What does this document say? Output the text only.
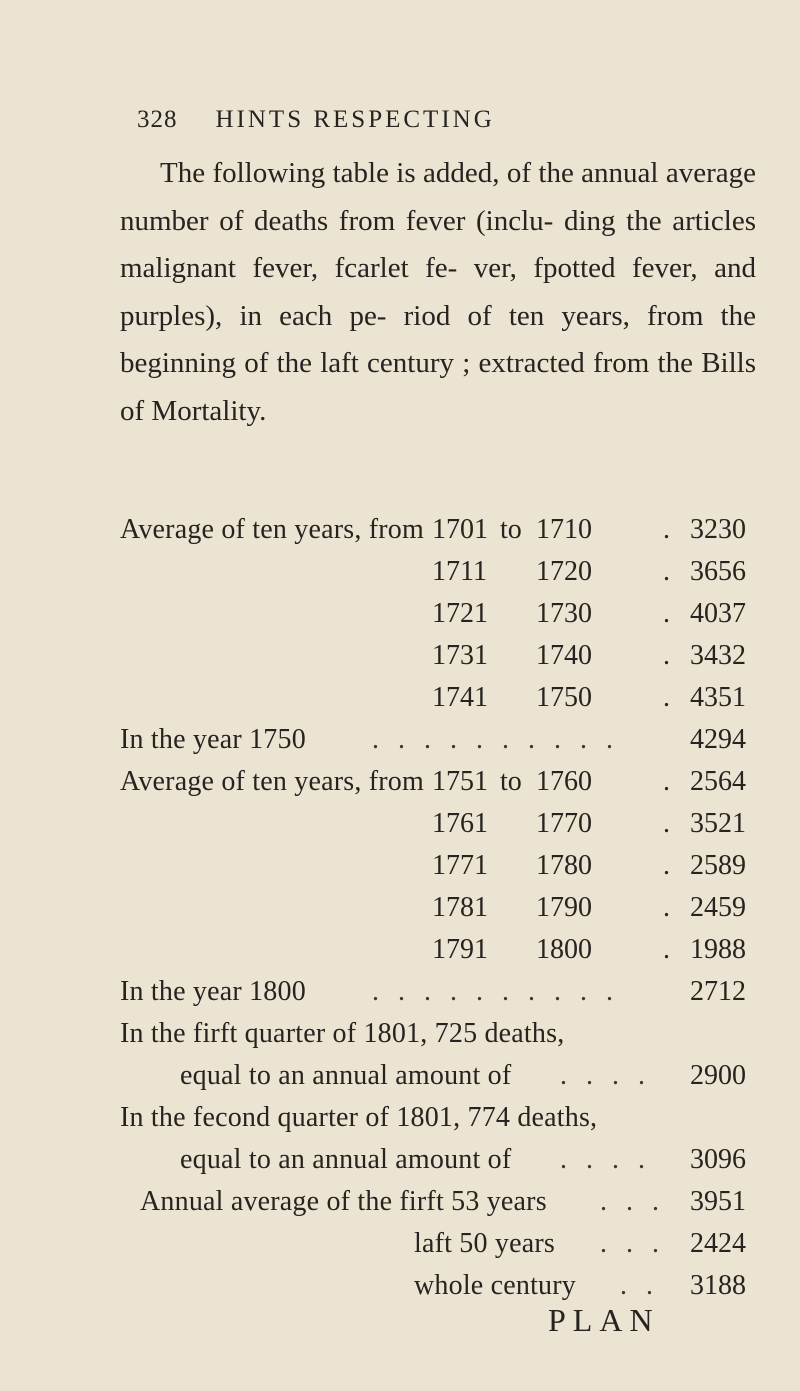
328 HINTS RESPECTING

The following table is added, of the annual average number of deaths from fever (inclu- ding the articles malignant fever, fcarlet fe- ver, fpotted fever, and purples), in each pe- riod of ten years, from the beginning of the laft century ; extracted from the Bills of Mortality.

Average of ten years, from 1701 to 1710	. 3230
1711 1720	. 3656
1721 1730	. 4037
1731 1740	. 3432
1741 1750	. 4351
In the year 1750 . . . . . . . . . .	4294
Average of ten years, from 1751 to 1760	. 2564
1761 1770	. 3521
1771 1780	. 2589
1781 1790	. 2459
1791 1800	. 1988
In the year 1800 . . . . . . . . . .	2712
In the firft quarter of 1801, 725 deaths,
equal to an annual amount of . . . . 2900
In the fecond quarter of 1801, 774 deaths,
equal to an annual amount of . . . . 3096
Annual average of the firft 53 years . . . 3951
laft 50 years . . . 2424
whole century . . 3188
PLAN
